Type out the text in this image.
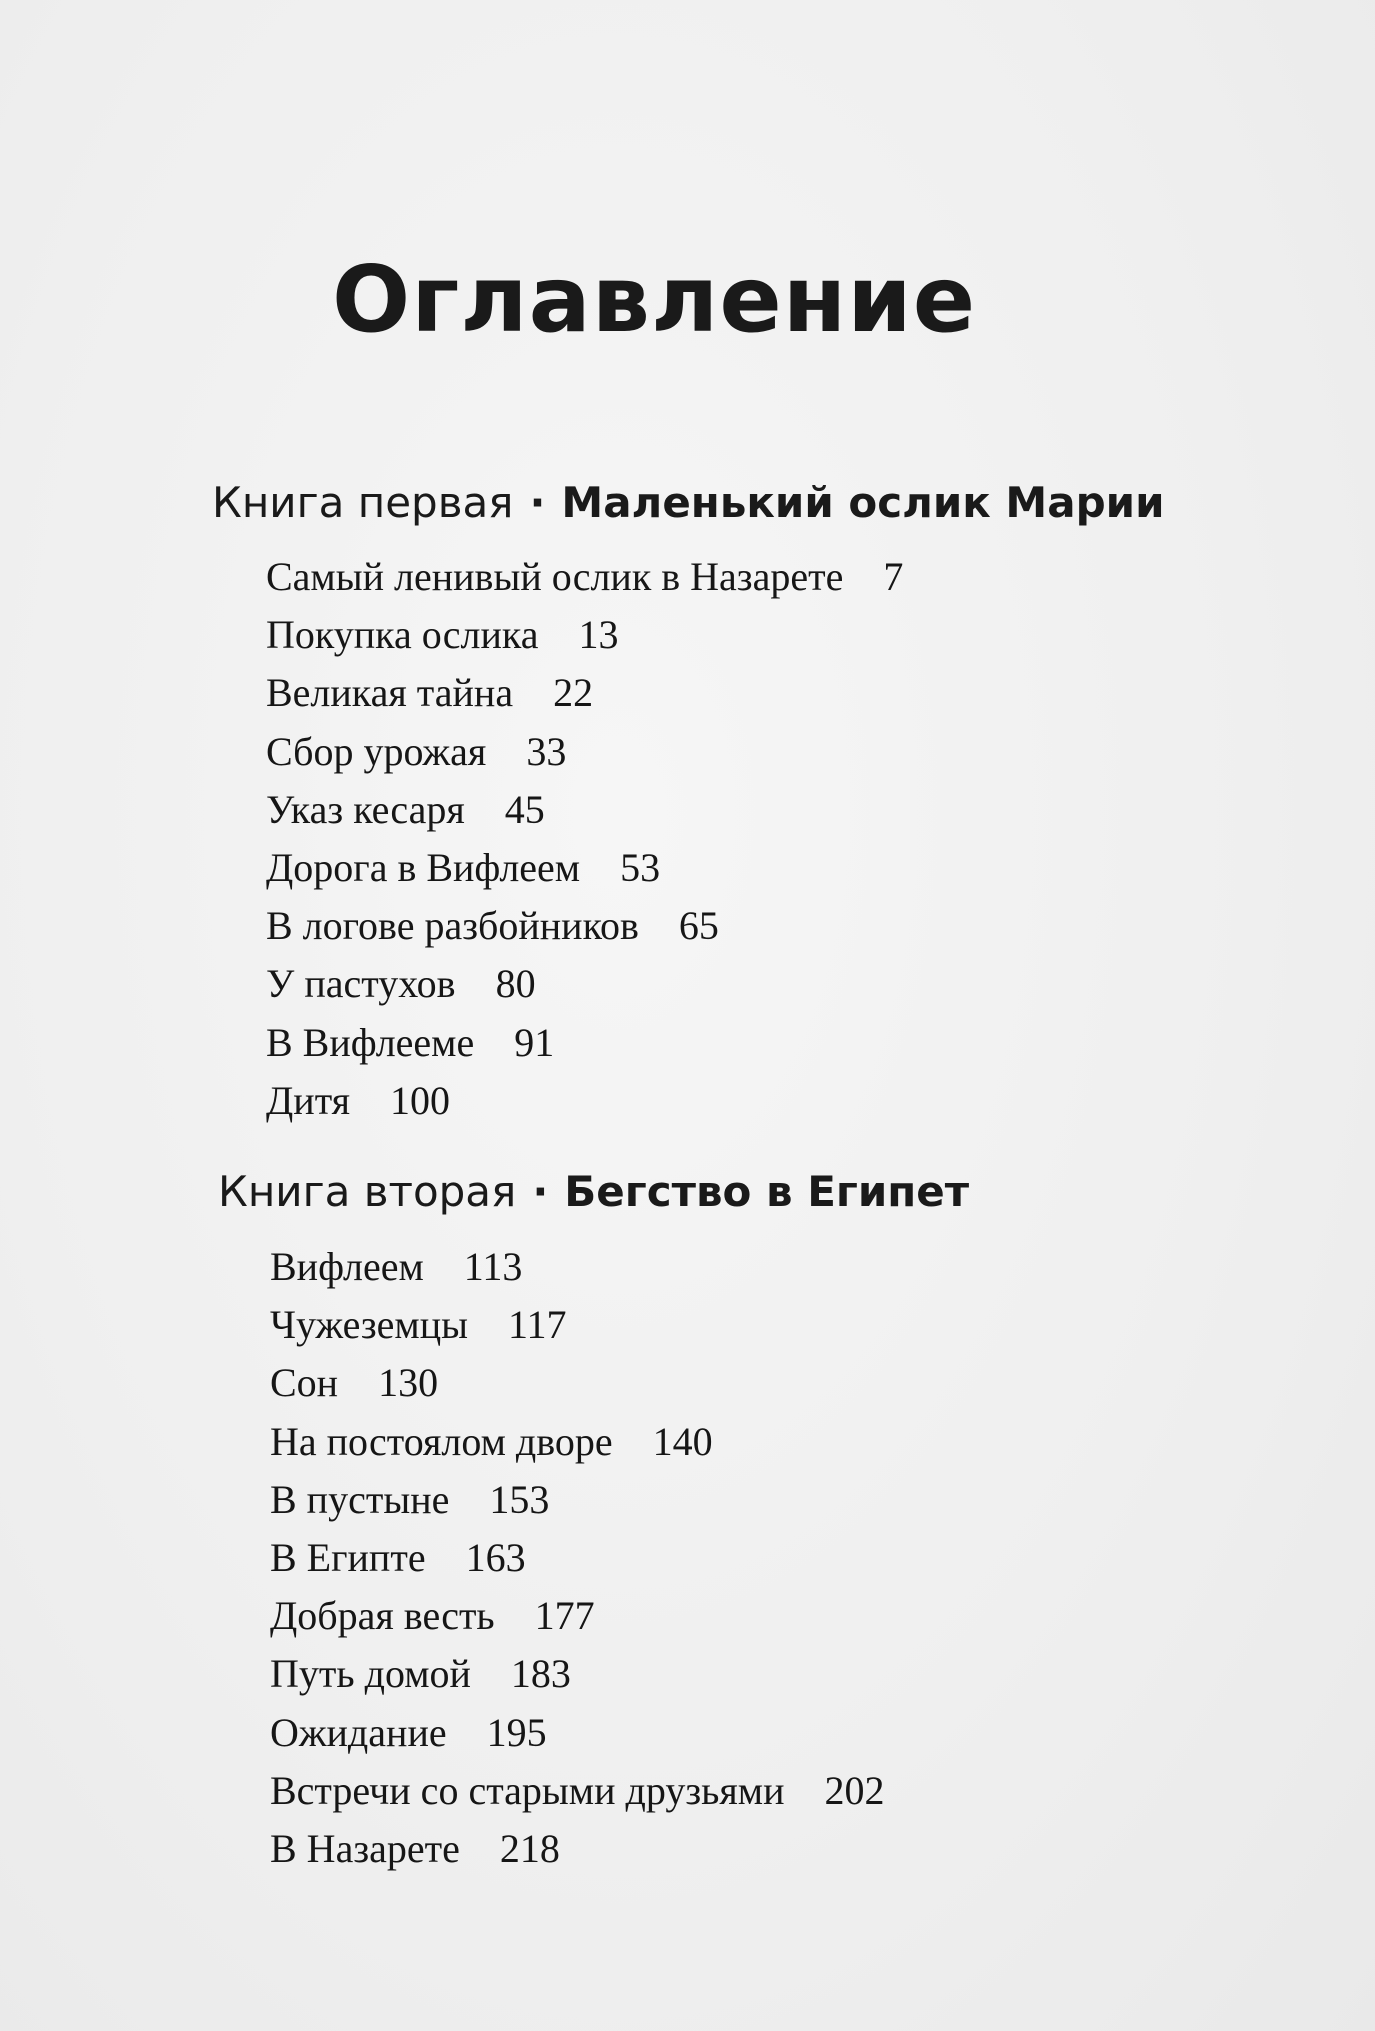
Оглавление
Книга первая · Маленький ослик Марии
Самый ленивый ослик в Назарете 7
Покупка ослика 13
Великая тайна 22
Сбор урожая 33
Указ кесаря 45
Дорога в Вифлеем 53
В логове разбойников 65
У пастухов 80
В Вифлееме 91
Дитя 100
Книга вторая · Бегство в Египет
Вифлеем 113
Чужеземцы 117
Сон 130
На постоялом дворе 140
В пустыне 153
В Египте 163
Добрая весть 177
Путь домой 183
Ожидание 195
Встречи со старыми друзьями 202
В Назарете 218
